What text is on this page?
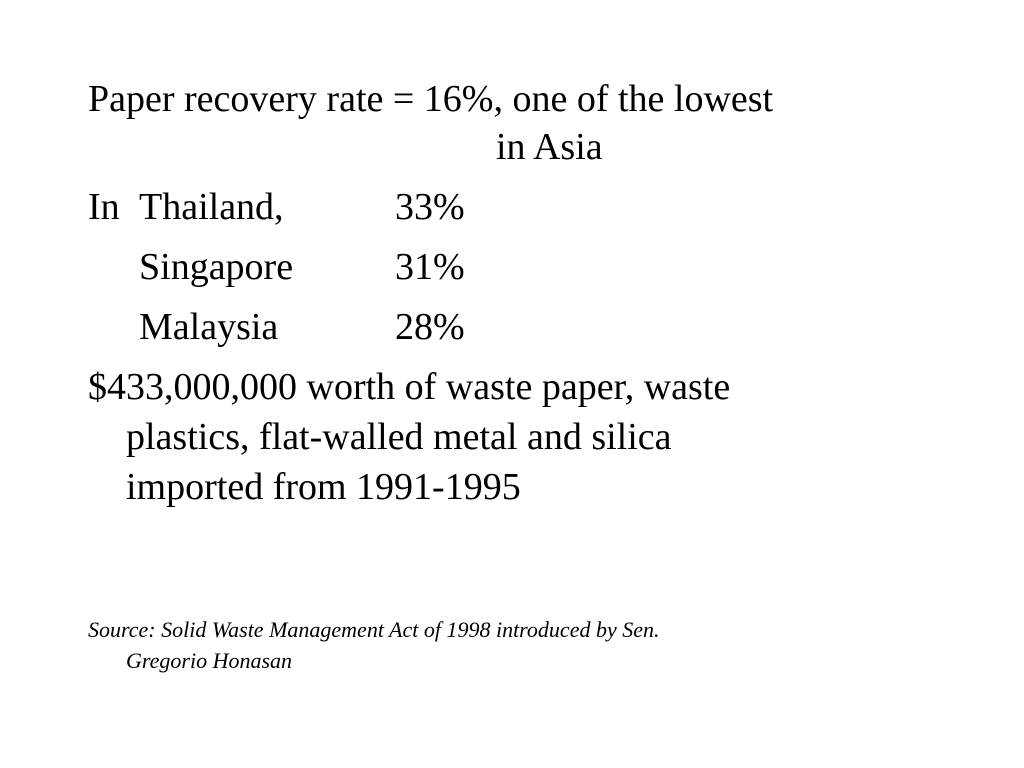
Paper recovery rate = 16%, one of the lowest
in Asia
In Thailand,	33%
Singapore	31%
Malaysia	28%
$433,000,000 worth of waste paper, waste
plastics, flat-walled metal and silica
imported from 1991-1995
Source: Solid Waste Management Act of 1998 introduced by Sen.
Gregorio Honasan
